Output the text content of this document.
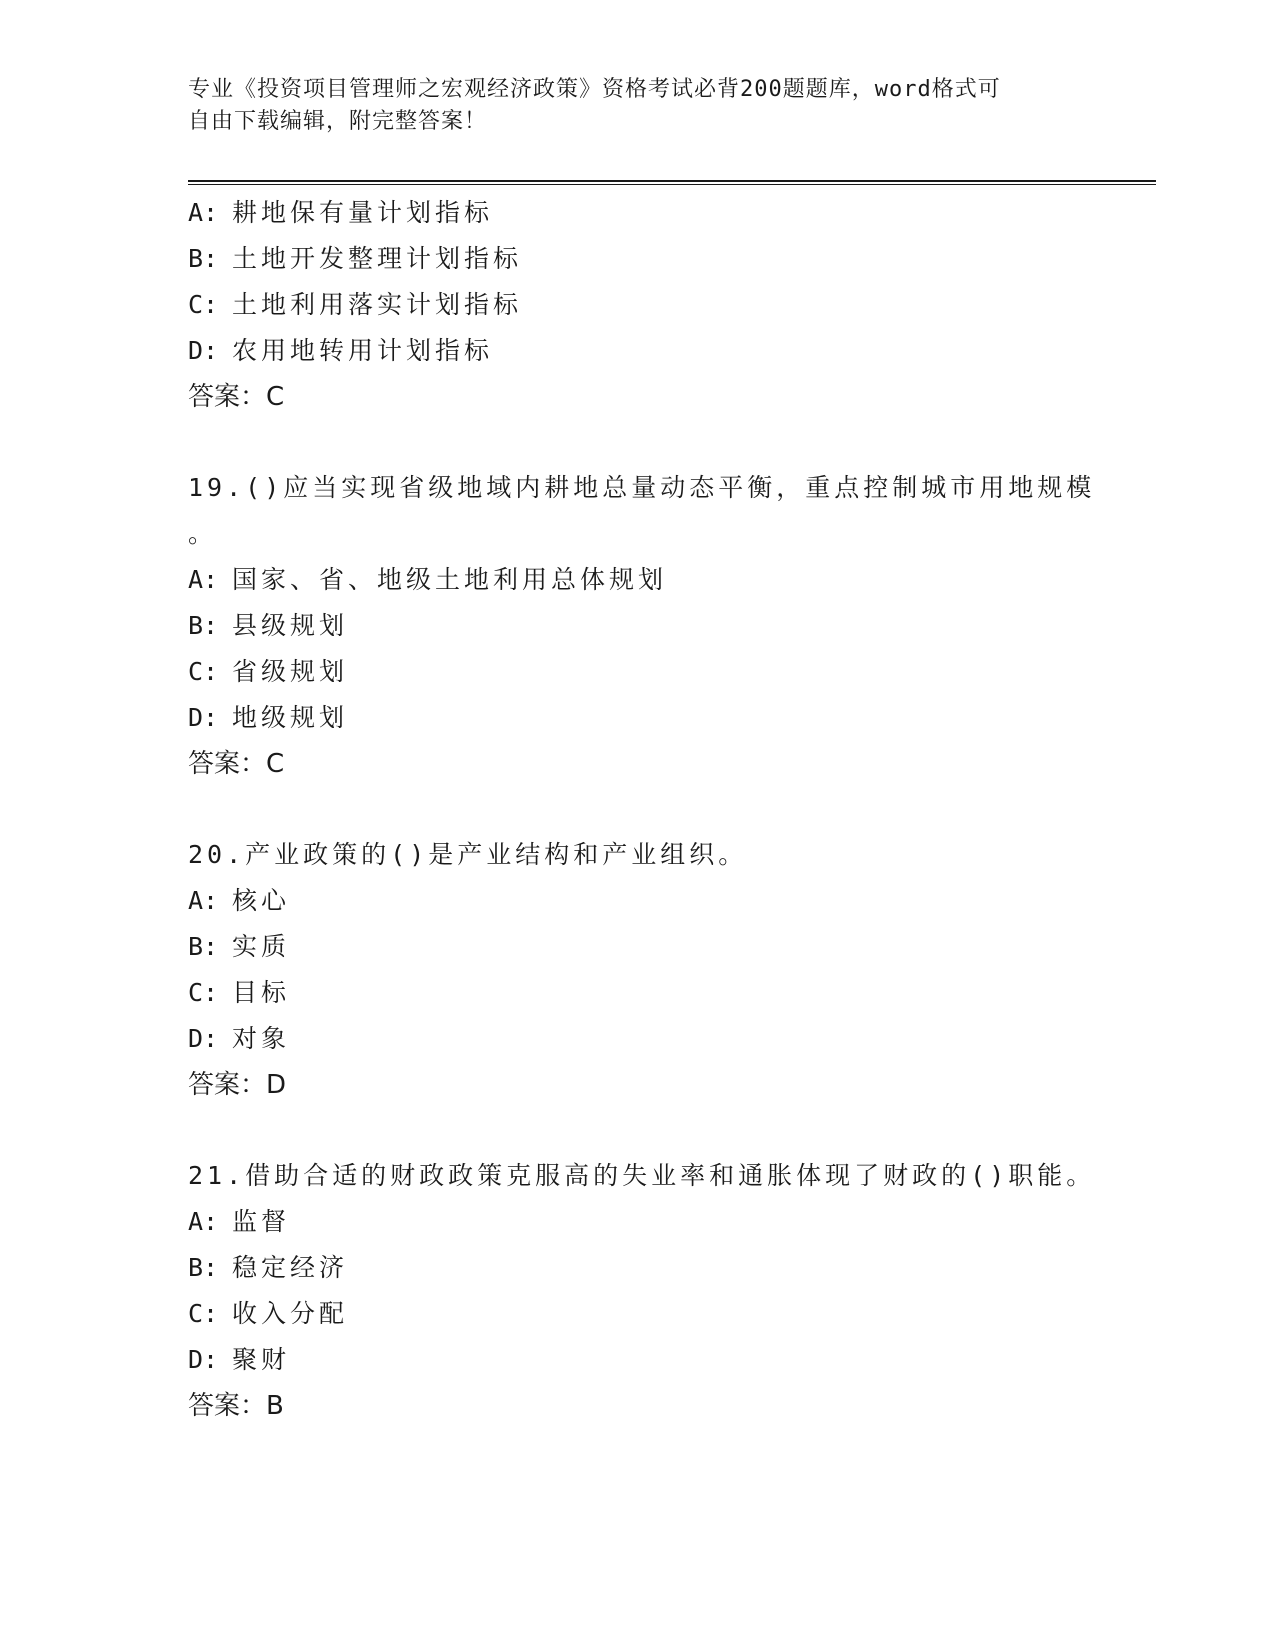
专业《投资项目管理师之宏观经济政策》资格考试必背200题题库，word格式可
自由下载编辑，附完整答案！
A: 耕地保有量计划指标
B: 土地开发整理计划指标
C: 土地利用落实计划指标
D: 农用地转用计划指标
答案：C
19.()应当实现省级地域内耕地总量动态平衡，重点控制城市用地规模
。
A: 国家、省、地级土地利用总体规划
B: 县级规划
C: 省级规划
D: 地级规划
答案：C
20.产业政策的()是产业结构和产业组织。
A: 核心
B: 实质
C: 目标
D: 对象
答案：D
21.借助合适的财政政策克服高的失业率和通胀体现了财政的()职能。
A: 监督
B: 稳定经济
C: 收入分配
D: 聚财
答案：B
